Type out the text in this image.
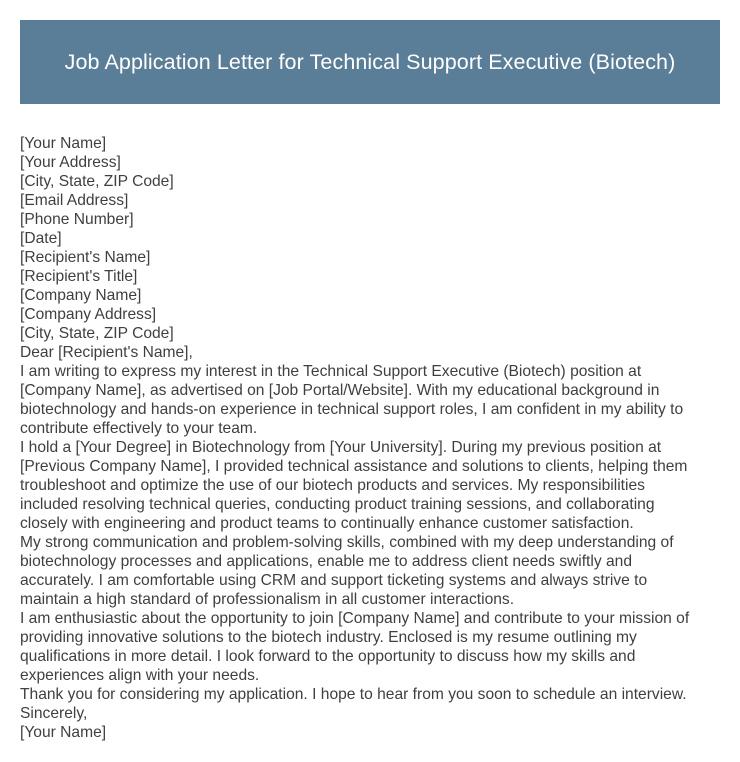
Job Application Letter for Technical Support Executive (Biotech)
[Your Name]
[Your Address]
[City, State, ZIP Code]
[Email Address]
[Phone Number]
[Date]
[Recipient's Name]
[Recipient's Title]
[Company Name]
[Company Address]
[City, State, ZIP Code]
Dear [Recipient's Name],

I am writing to express my interest in the Technical Support Executive (Biotech) position at
[Company Name], as advertised on [Job Portal/Website]. With my educational background in
biotechnology and hands-on experience in technical support roles, I am confident in my ability to
contribute effectively to your team.

I hold a [Your Degree] in Biotechnology from [Your University]. During my previous position at
[Previous Company Name], I provided technical assistance and solutions to clients, helping them
troubleshoot and optimize the use of our biotech products and services. My responsibilities
included resolving technical queries, conducting product training sessions, and collaborating
closely with engineering and product teams to continually enhance customer satisfaction.

My strong communication and problem-solving skills, combined with my deep understanding of
biotechnology processes and applications, enable me to address client needs swiftly and
accurately. I am comfortable using CRM and support ticketing systems and always strive to
maintain a high standard of professionalism in all customer interactions.

I am enthusiastic about the opportunity to join [Company Name] and contribute to your mission of
providing innovative solutions to the biotech industry. Enclosed is my resume outlining my
qualifications in more detail. I look forward to the opportunity to discuss how my skills and
experiences align with your needs.

Thank you for considering my application. I hope to hear from you soon to schedule an interview.

Sincerely,
[Your Name]
